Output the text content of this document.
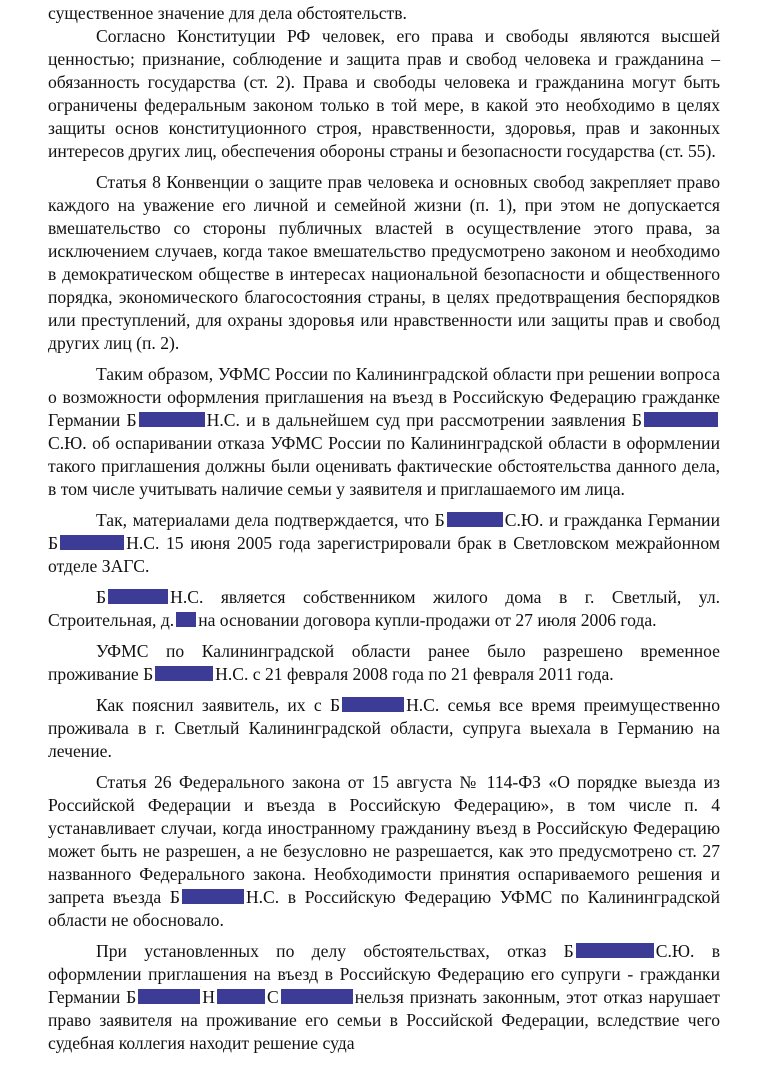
существенное значение для дела обстоятельств.

Согласно Конституции РФ человек, его права и свободы являются высшей ценностью; признание, соблюдение и защита прав и свобод человека и гражданина – обязанность государства (ст. 2). Права и свободы человека и гражданина могут быть ограничены федеральным законом только в той мере, в какой это необходимо в целях защиты основ конституционного строя, нравственности, здоровья, прав и законных интересов других лиц, обеспечения обороны страны и безопасности государства (ст. 55).

Статья 8 Конвенции о защите прав человека и основных свобод закрепляет право каждого на уважение его личной и семейной жизни (п. 1), при этом не допускается вмешательство со стороны публичных властей в осуществление этого права, за исключением случаев, когда такое вмешательство предусмотрено законом и необходимо в демократическом обществе в интересах национальной безопасности и общественного порядка, экономического благосостояния страны, в целях предотвращения беспорядков или преступлений, для охраны здоровья или нравственности или защиты прав и свобод других лиц (п. 2).

Таким образом, УФМС России по Калининградской области при решении вопроса о возможности оформления приглашения на въезд в Российскую Федерацию гражданке Германии Б	Н.С. и в дальнейшем суд при рассмотрении заявления БС.Ю. об оспаривании отказа УФМС России по Калининградской области в оформлении такого приглашения должны были оценивать фактические обстоятельства данного дела, в том числе учитывать наличие семьи у заявителя и приглашаемого им лица.

Так, материалами дела подтверждается, что Б	С.Ю. и гражданка Германии Б	Н.С. 15 июня 2005 года зарегистрировали брак в Светловском межрайонном отделе ЗАГС.

Б	Н.С. является собственником жилого дома в г. Светлый, ул. Строительная, д. на основании договора купли-продажи от 27 июля 2006 года.

УФМС по Калининградской области ранее было разрешено временное проживание Б	Н.С. с 21 февраля 2008 года по 21 февраля 2011 года.

Как пояснил заявитель, их с Б	Н.С. семья все время преимущественно проживала в г. Светлый Калининградской области, супруга выехала в Германию на лечение.

Статья 26 Федерального закона от 15 августа № 114-ФЗ «О порядке выезда из Российской Федерации и въезда в Российскую Федерацию», в том числе п. 4 устанавливает случаи, когда иностранному гражданину въезд в Российскую Федерацию может быть не разрешен, а не безусловно не разрешается, как это предусмотрено ст. 27 названного Федерального закона. Необходимости принятия оспариваемого решения и запрета въезда Б	Н.С. в Российскую Федерацию УФМС по Калининградской области не обосновало.

При установленных по делу обстоятельствах, отказ Б	С.Ю. в оформлении приглашения на въезд в Российскую Федерацию его супруги - гражданки Германии Б	Н	С	нельзя признать законным, этот отказ нарушает право заявителя на проживание его семьи в Российской Федерации, вследствие чего судебная коллегия находит решение суда
